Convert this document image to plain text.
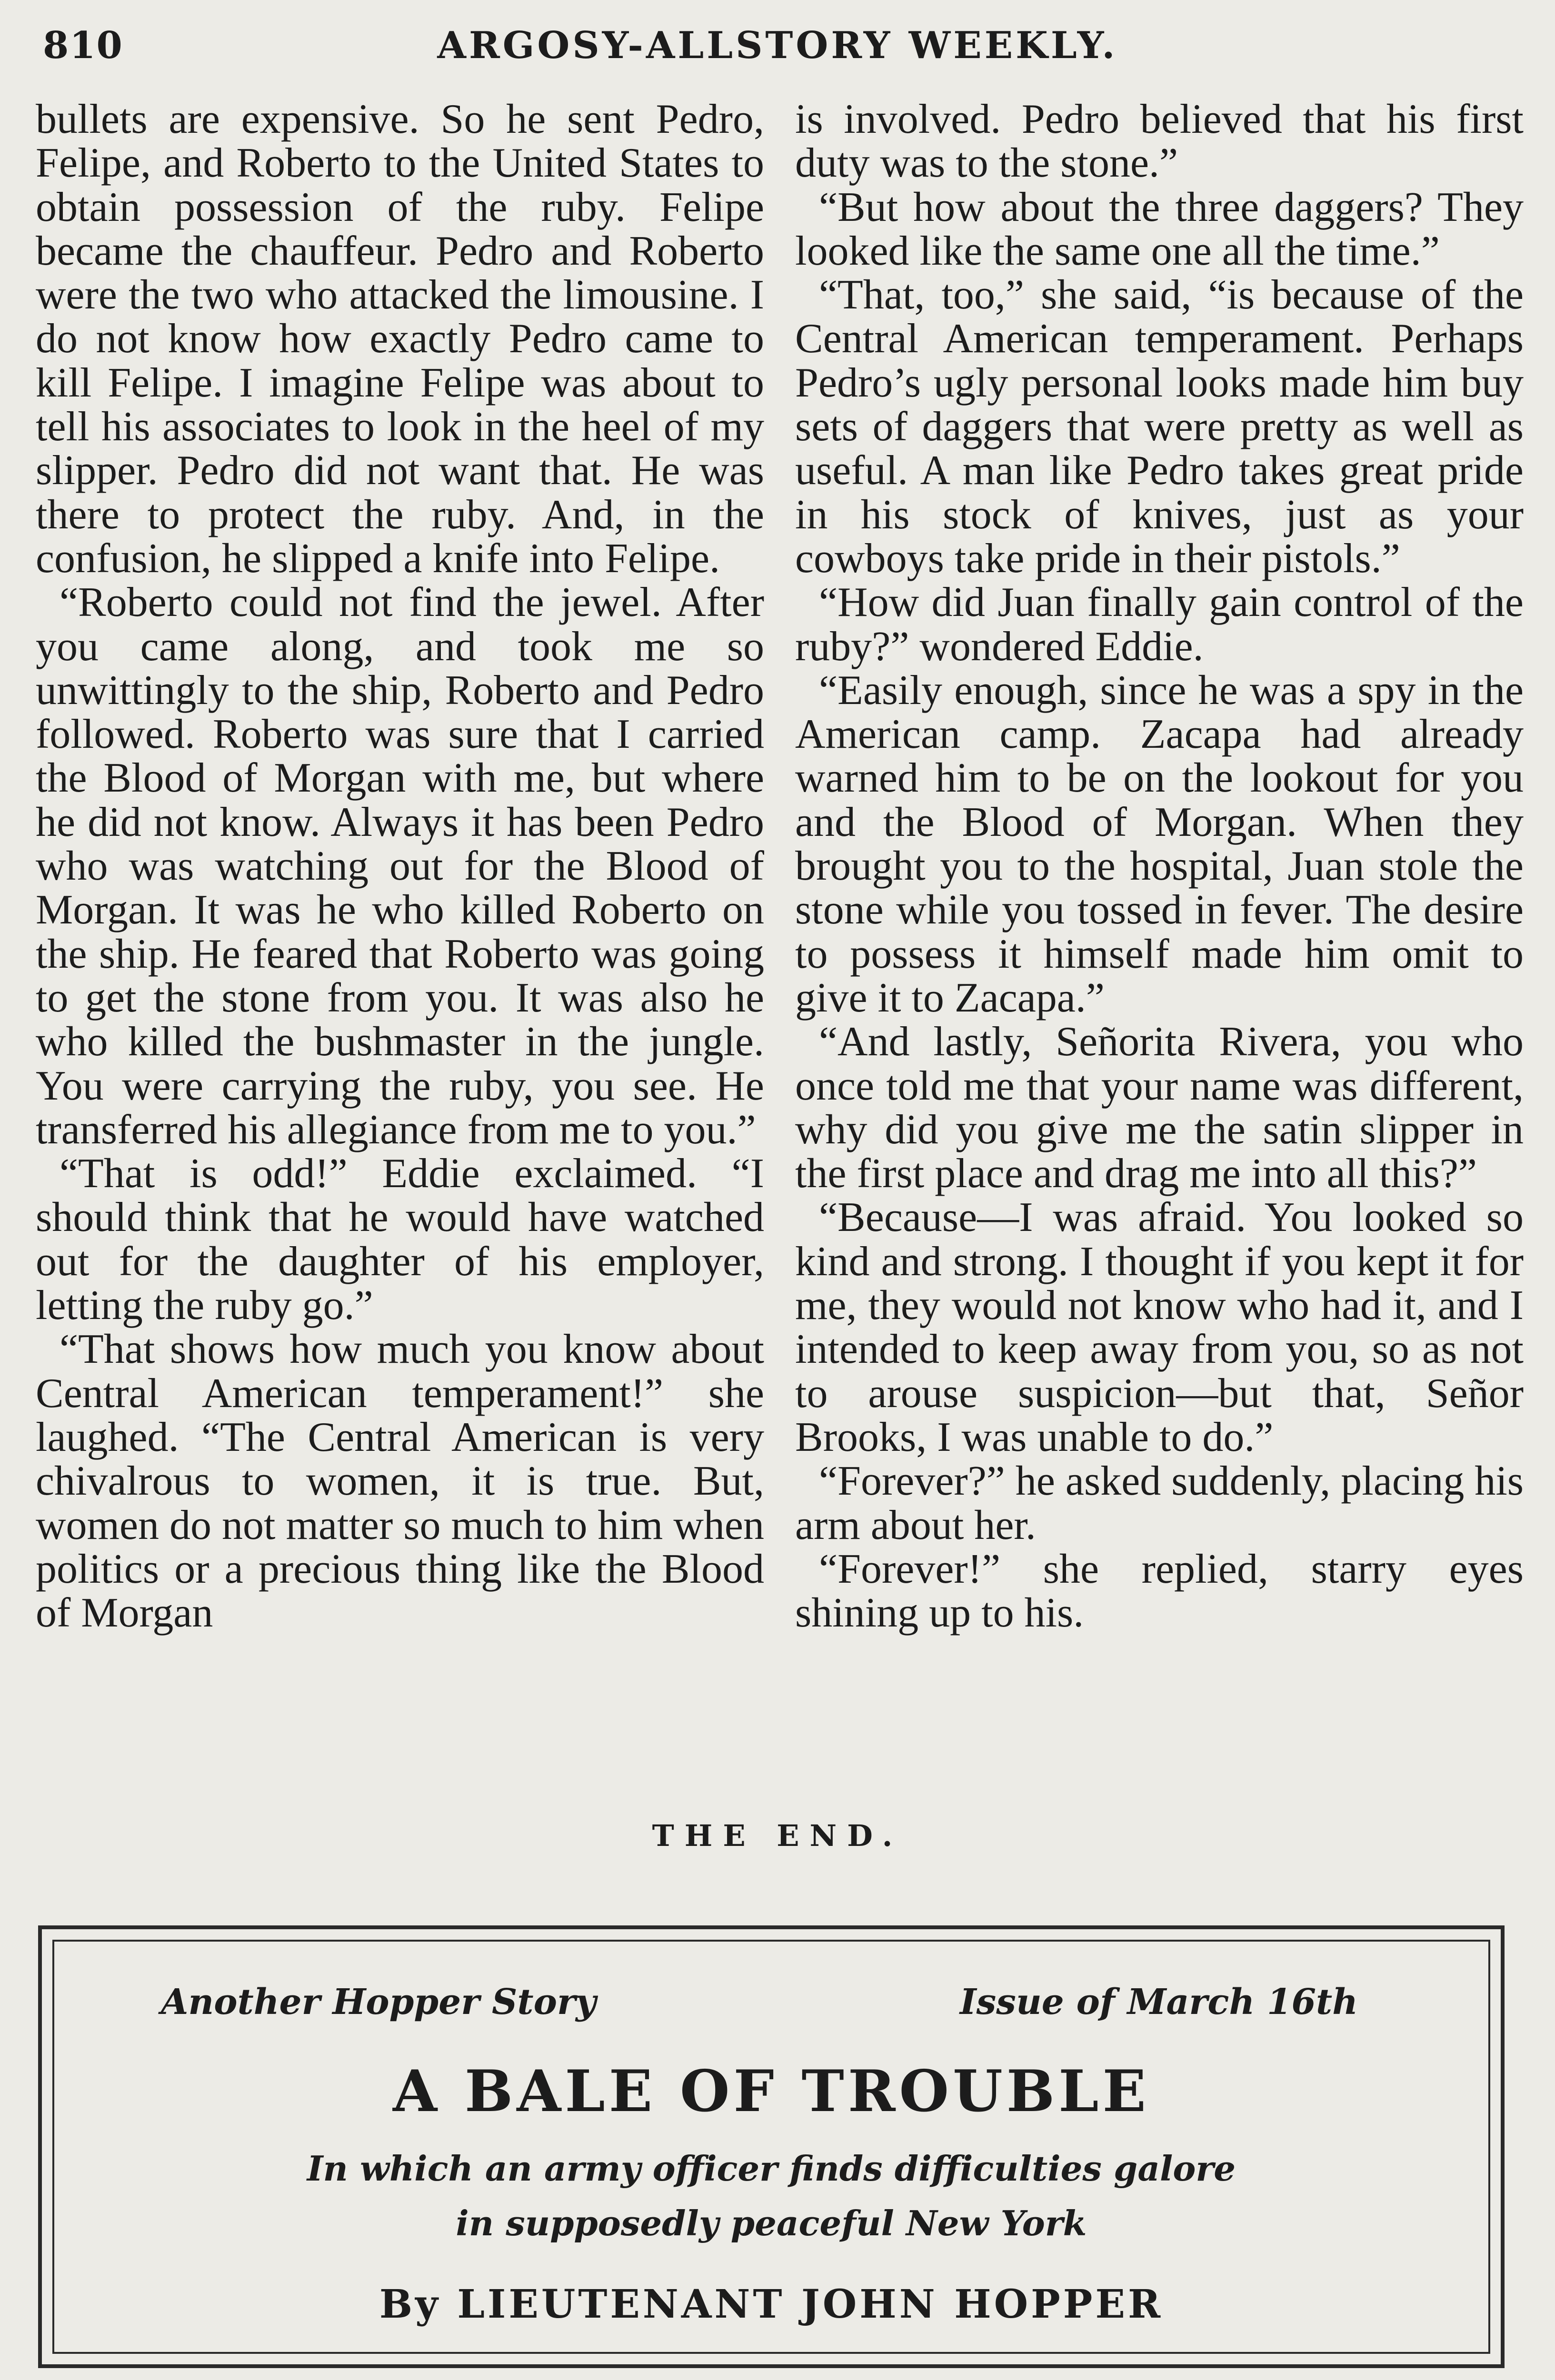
810	ARGOSY-ALLSTORY WEEKLY.

bullets are expensive. So he sent Pedro, Felipe, and Roberto to the United States to obtain possession of the ruby. Felipe became the chauffeur. Pedro and Roberto were the two who attacked the limousine. I do not know how exactly Pedro came to kill Felipe. I imagine Felipe was about to tell his associates to look in the heel of my slipper. Pedro did not want that. He was there to protect the ruby. And, in the confusion, he slipped a knife into Felipe.

“Roberto could not find the jewel. After you came along, and took me so unwittingly to the ship, Roberto and Pedro followed. Roberto was sure that I carried the Blood of Morgan with me, but where he did not know. Always it has been Pedro who was watching out for the Blood of Morgan. It was he who killed Roberto on the ship. He feared that Roberto was going to get the stone from you. It was also he who killed the bushmaster in the jungle. You were carrying the ruby, you see. He transferred his allegiance from me to you.”

“That is odd!” Eddie exclaimed. “I should think that he would have watched out for the daughter of his employer, letting the ruby go.”

“That shows how much you know about Central American temperament!” she laughed. “The Central American is very chivalrous to women, it is true. But, women do not matter so much to him when politics or a precious thing like the Blood of Morgan

is involved. Pedro believed that his first duty was to the stone.”

“But how about the three daggers? They looked like the same one all the time.”

“That, too,” she said, “is because of the Central American temperament. Perhaps Pedro’s ugly personal looks made him buy sets of daggers that were pretty as well as useful. A man like Pedro takes great pride in his stock of knives, just as your cowboys take pride in their pistols.”

“How did Juan finally gain control of the ruby?” wondered Eddie.

“Easily enough, since he was a spy in the American camp. Zacapa had already warned him to be on the lookout for you and the Blood of Morgan. When they brought you to the hospital, Juan stole the stone while you tossed in fever. The desire to possess it himself made him omit to give it to Zacapa.”

“And lastly, Señorita Rivera, you who once told me that your name was different, why did you give me the satin slipper in the first place and drag me into all this?”

“Because—I was afraid. You looked so kind and strong. I thought if you kept it for me, they would not know who had it, and I intended to keep away from you, so as not to arouse suspicion—but that, Señor Brooks, I was unable to do.”

“Forever?” he asked suddenly, placing his arm about her.

“Forever!” she replied, starry eyes shining up to his.

THE END.
Another Hopper Story	Issue of March 16th
A BALE OF TROUBLE
In which an army officer finds difficulties galore
in supposedly peaceful New York
By LIEUTENANT JOHN HOPPER
